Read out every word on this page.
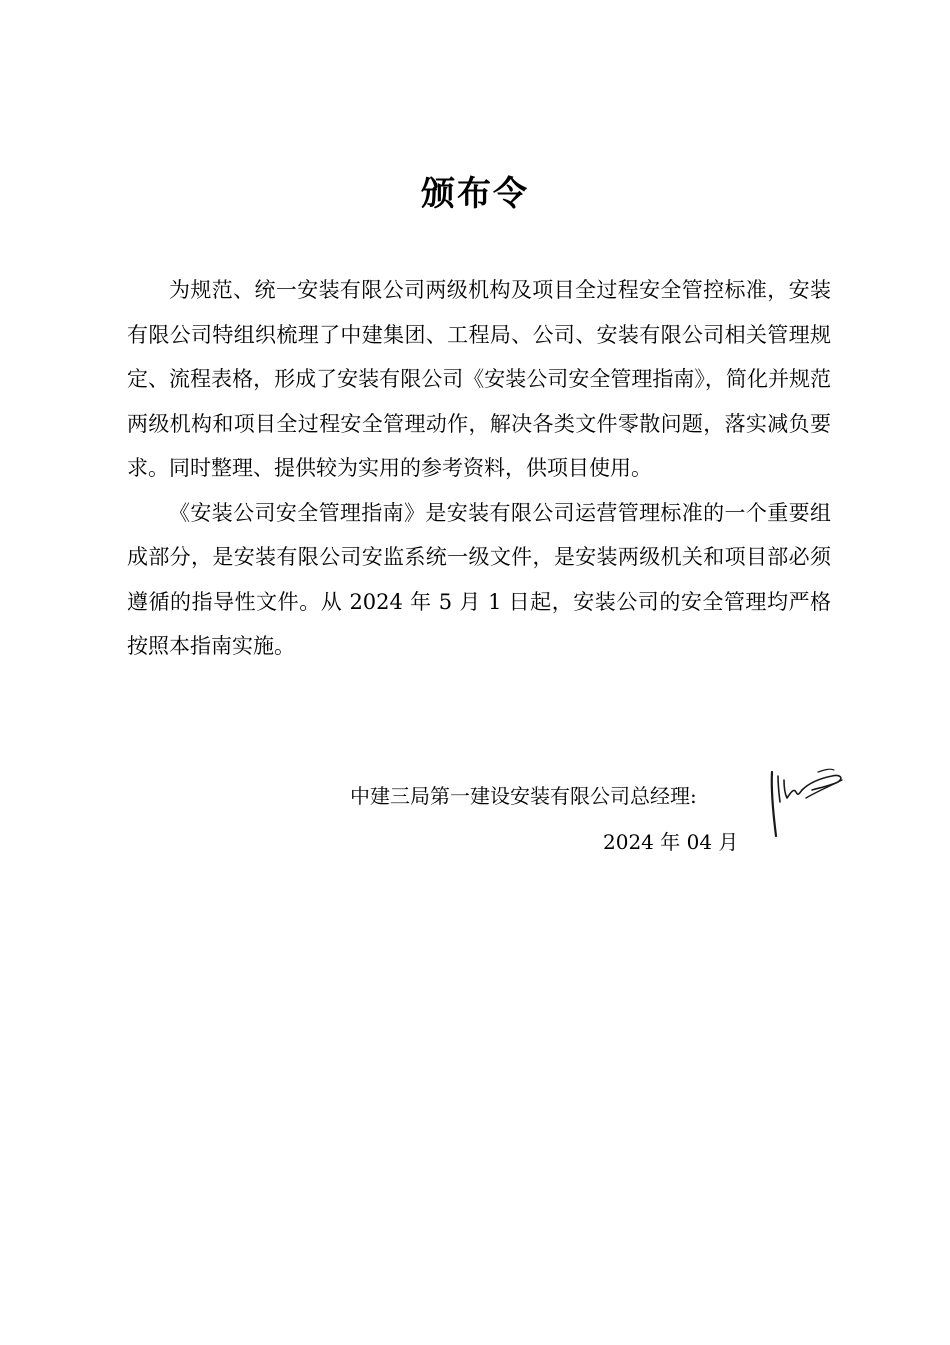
颁布令

为规范、统一安装有限公司两级机构及项目全过程安全管控标准，安装有限公司特组织梳理了中建集团、工程局、公司、安装有限公司相关管理规定、流程表格，形成了安装有限公司《安装公司安全管理指南》，简化并规范两级机构和项目全过程安全管理动作，解决各类文件零散问题，落实减负要求。同时整理、提供较为实用的参考资料，供项目使用。

《安装公司安全管理指南》是安装有限公司运营管理标准的一个重要组成部分，是安装有限公司安监系统一级文件，是安装两级机关和项目部必须遵循的指导性文件。从 2024 年 5 月 1 日起，安装公司的安全管理均严格按照本指南实施。

中建三局第一建设安装有限公司总经理:
2024 年 04 月
